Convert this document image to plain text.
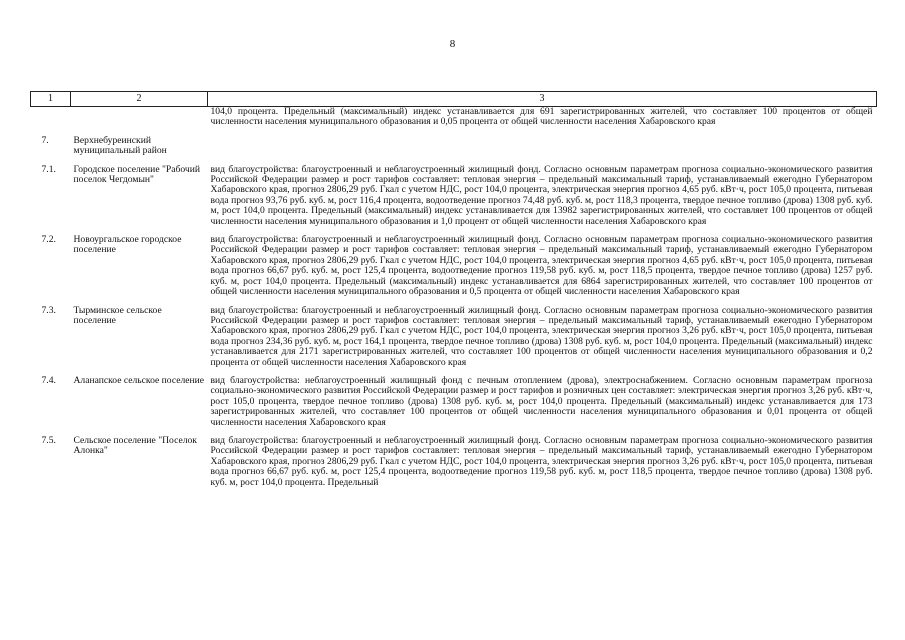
8
1	2	3
		104,0 процента. Предельный (максимальный) индекс устанавливается для 691 зарегистрированных жителей, что составляет 100 процентов от общей численности населения муниципального образования и 0,05 процента от общей численности населения Хабаровского края
7.	Верхнебуреинский муниципальный район	
7.1.	Городское поселение "Рабочий поселок Чегдомын"	вид благоустройства: благоустроенный и неблагоустроенный жилищный фонд. Согласно основным параметрам прогноза социально-экономического развития Российской Федерации размер и рост тарифов составляет: тепловая энергия – предельный максимальный тариф, устанавливаемый ежегодно Губернатором Хабаровского края, прогноз 2806,29 руб. Гкал с учетом НДС, рост 104,0 процента, электрическая энергия прогноз 4,65 руб. кВт·ч, рост 105,0 процента, питьевая вода прогноз 93,76 руб. куб. м, рост 116,4 процента, водоотведение прогноз 74,48 руб. куб. м, рост 118,3 процента, твердое печное топливо (дрова) 1308 руб. куб. м, рост 104,0 процента. Предельный (максимальный) индекс устанавливается для 13982 зарегистрированных жителей, что составляет 100 процентов от общей численности населения муниципального образования и 1,0 процент от общей численности населения Хабаровского края
7.2.	Новоургальское городское поселение	вид благоустройства: благоустроенный и неблагоустроенный жилищный фонд. Согласно основным параметрам прогноза социально-экономического развития Российской Федерации размер и рост тарифов составляет: тепловая энергия – предельный максимальный тариф, устанавливаемый ежегодно Губернатором Хабаровского края, прогноз 2806,29 руб. Гкал с учетом НДС, рост 104,0 процента, электрическая энергия прогноз 4,65 руб. кВт·ч, рост 105,0 процента, питьевая вода прогноз 66,67 руб. куб. м, рост 125,4 процента, водоотведение прогноз 119,58 руб. куб. м, рост 118,5 процента, твердое печное топливо (дрова) 1257 руб. куб. м, рост 104,0 процента. Предельный (максимальный) индекс устанавливается для 6864 зарегистрированных жителей, что составляет 100 процентов от общей численности населения муниципального образования и 0,5 процента от общей численности населения Хабаровского края
7.3.	Тырминское сельское поселение	вид благоустройства: благоустроенный и неблагоустроенный жилищный фонд. Согласно основным параметрам прогноза социально-экономического развития Российской Федерации размер и рост тарифов составляет: тепловая энергия – предельный максимальный тариф, устанавливаемый ежегодно Губернатором Хабаровского края, прогноз 2806,29 руб. Гкал с учетом НДС, рост 104,0 процента, электрическая энергия прогноз 3,26 руб. кВт·ч, рост 105,0 процента, питьевая вода прогноз 234,36 руб. куб. м, рост 164,1 процента, твердое печное топливо (дрова) 1308 руб. куб. м, рост 104,0 процента. Предельный (максимальный) индекс устанавливается для 2171 зарегистрированных жителей, что составляет 100 процентов от общей численности населения муниципального образования и 0,2 процента от общей численности населения Хабаровского края
7.4.	Аланапское сельское поселение	вид благоустройства: неблагоустроенный жилищный фонд с печным отоплением (дрова), электроснабжением. Согласно основным параметрам прогноза социально-экономического развития Российской Федерации размер и рост тарифов и розничных цен составляет: электрическая энергия прогноз 3,26 руб. кВт·ч, рост 105,0 процента, твердое печное топливо (дрова) 1308 руб. куб. м, рост 104,0 процента. Предельный (максимальный) индекс устанавливается для 173 зарегистрированных жителей, что составляет 100 процентов от общей численности населения муниципального образования и 0,01 процента от общей численности населения Хабаровского края
7.5.	Сельское поселение "Поселок Алонка"	вид благоустройства: благоустроенный и неблагоустроенный жилищный фонд. Согласно основным параметрам прогноза социально-экономического развития Российской Федерации размер и рост тарифов составляет: тепловая энергия – предельный максимальный тариф, устанавливаемый ежегодно Губернатором Хабаровского края, прогноз 2806,29 руб. Гкал с учетом НДС, рост 104,0 процента, электрическая энергия прогноз 3,26 руб. кВт·ч, рост 105,0 процента, питьевая вода прогноз 66,67 руб. куб. м, рост 125,4 процента, водоотведение прогноз 119,58 руб. куб. м, рост 118,5 процента, твердое печное топливо (дрова) 1308 руб. куб. м, рост 104,0 процента. Предельный
